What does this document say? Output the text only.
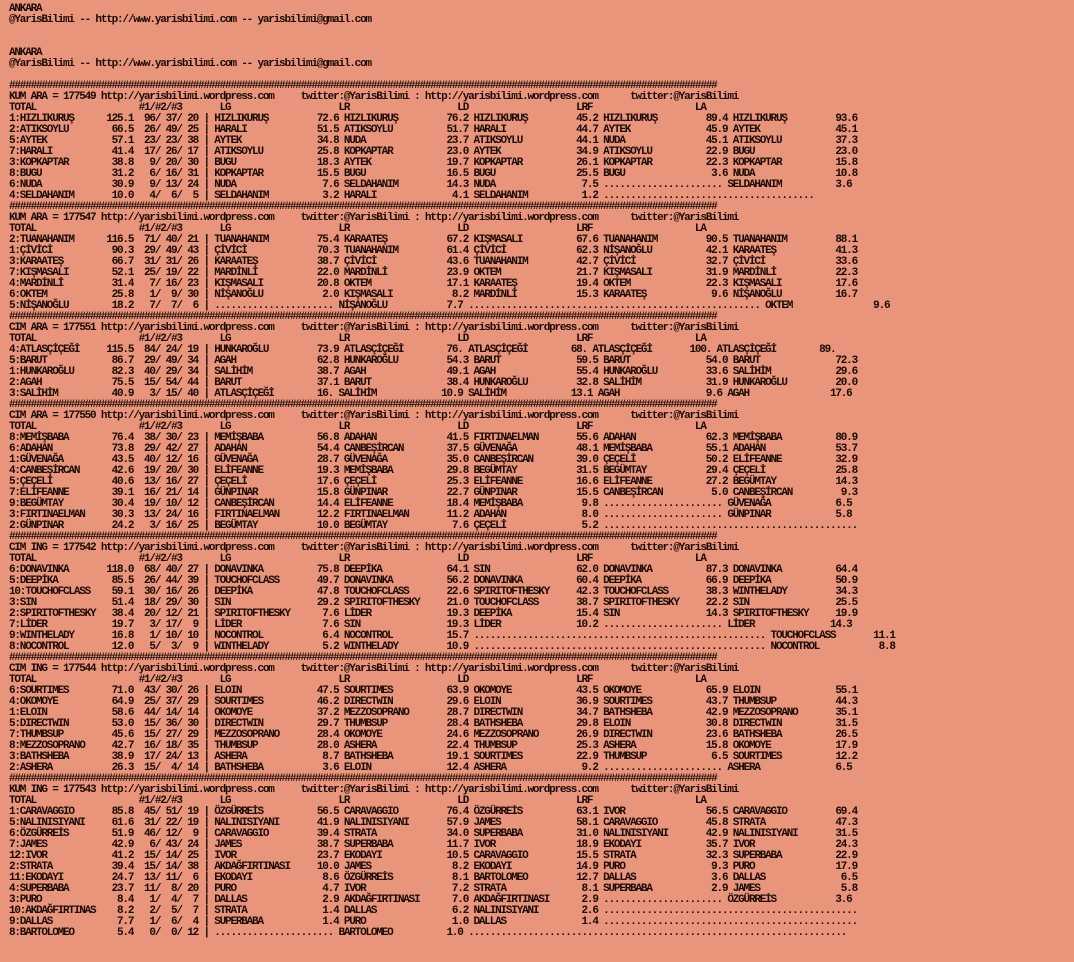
ANKARA
@YarisBilimi -- http://www.yarisbilimi.com -- yarisbilimi@gmail.com

ANKARA
@YarisBilimi -- http://www.yarisbilimi.com -- yarisbilimi@gmail.com

###################################################################################################################################
KUM ARA = 177549 http://yarisbilimi.wordpress.com     twitter:@YarisBilimi : http://yarisbilimi.wordpress.com      twitter:@YarisBilimi
TOTAL                   #1/#2/#3       LG                    LR                    LD                    LRF                   LA
1:HIZLIKURUŞ      125.1  96/ 37/ 20 | HIZLIKURUŞ         72.6 HIZLIKURUŞ         76.2 HIZLIKURUŞ         45.2 HIZLIKURUŞ         89.4 HIZLIKURUŞ         93.6
2:ATIKSOYLU        66.5  26/ 49/ 25 | HARALI             51.5 ATIKSOYLU          51.7 HARALI             44.7 AYTEK              45.9 AYTEK              45.1
5:AYTEK            57.1  23/ 23/ 38 | AYTEK              34.8 NUDA               23.7 ATIKSOYLU          44.1 NUDA               45.1 ATIKSOYLU          37.3
7:HARALI           41.4  17/ 26/ 17 | ATIKSOYLU          25.8 KOPKAPTAR          23.0 AYTEK              34.9 ATIKSOYLU          22.9 BUGU               23.0
3:KOPKAPTAR        38.8   9/ 20/ 30 | BUGU               18.3 AYTEK              19.7 KOPKAPTAR          26.1 KOPKAPTAR          22.3 KOPKAPTAR          15.8
8:BUGU             31.2   6/ 16/ 31 | KOPKAPTAR          15.5 BUGU               16.5 BUGU               25.5 BUGU                3.6 NUDA               10.8
6:NUDA             30.9   9/ 13/ 24 | NUDA                7.6 SELDAHANIM         14.3 NUDA                7.5 ...................... SELDAHANIM          3.6
4:SELDAHANIM       10.0   4/  6/  5 | SELDAHANIM          3.2 HARALI              4.1 SELDAHANIM          1.2 .......................................
###################################################################################################################################
KUM ARA = 177547 http://yarisbilimi.wordpress.com     twitter:@YarisBilimi : http://yarisbilimi.wordpress.com      twitter:@YarisBilimi
TOTAL                   #1/#2/#3       LG                    LR                    LD                    LRF                   LA
2:TUANAHANIM      116.5  71/ 40/ 21 | TUANAHANIM         75.4 KARAATEŞ           67.2 KIŞMASALI          67.6 TUANAHANIM         90.5 TUANAHANIM         88.1
1:ÇİVİCİ           90.3  29/ 49/ 43 | ÇİVİCİ             70.3 TUANAHANIM         61.4 ÇİVİCİ             62.3 NİŞANOĞLU          42.1 KARAATEŞ           41.3
3:KARAATEŞ         66.7  31/ 31/ 26 | KARAATEŞ           38.7 ÇİVİCİ             43.6 TUANAHANIM         42.7 ÇİVİCİ             32.7 ÇİVİCİ             33.6
7:KIŞMASALI        52.1  25/ 19/ 22 | MARDİNLİ           22.0 MARDİNLİ           23.9 OKTEM              21.7 KIŞMASALI          31.9 MARDİNLİ           22.3
4:MARDİNLİ         31.4   7/ 16/ 23 | KIŞMASALI          20.8 OKTEM              17.1 KARAATEŞ           19.4 OKTEM              22.3 KIŞMASALI          17.6
6:OKTEM            25.8   1/  9/ 30 | NİŞANOĞLU           2.0 KIŞMASALI           8.2 MARDİNLİ           15.3 KARAATEŞ            9.6 NİŞANOĞLU          16.7
5:NİŞANOĞLU        18.2   7/  7/  6 | ...................... NİŞANOĞLU           7.7 ...................................................... OKTEM               9.6
###################################################################################################################################
CIM ARA = 177551 http://yarisbilimi.wordpress.com     twitter:@YarisBilimi : http://yarisbilimi.wordpress.com      twitter:@YarisBilimi
TOTAL                   #1/#2/#3       LG                    LR                    LD                    LRF                   LA
4:ATLASÇİÇEĞİ     115.5  84/ 24/ 19 | HUNKAROĞLU         73.9 ATLASÇİÇEĞİ        76. ATLASÇİÇEĞİ        68. ATLASÇİÇEĞİ       100. ATLASÇİÇEĞİ        89.
5:BARUT            86.7  29/ 49/ 34 | AGAH               62.8 HUNKAROĞLU         54.3 BARUT              59.5 BARUT              54.0 BARUT              72.3
1:HUNKAROĞLU       82.3  40/ 29/ 34 | SALİHİM            38.7 AGAH               49.1 AGAH               55.4 HUNKAROĞLU         33.6 SALİHİM            29.6
2:AGAH             75.5  15/ 54/ 44 | BARUT              37.1 BARUT              38.4 HUNKAROĞLU         32.8 SALİHİM            31.9 HUNKAROĞLU         20.0
3:SALİHİM          40.9   3/ 15/ 40 | ATLASÇİÇEĞİ        16. SALİHİM            10.9 SALİHİM            13.1 AGAH                9.6 AGAH               17.6
###################################################################################################################################
CIM ARA = 177550 http://yarisbilimi.wordpress.com     twitter:@YarisBilimi : http://yarisbilimi.wordpress.com      twitter:@YarisBilimi
TOTAL                   #1/#2/#3       LG                    LR                    LD                    LRF                   LA
8:MEMİŞBABA        76.4  38/ 30/ 23 | MEMİŞBABA          56.8 ADAHAN             41.5 FIRTINAELMAN       55.6 ADAHAN             62.3 MEMİŞBABA          80.9
6:ADAHAN           73.8  29/ 42/ 27 | ADAHAN             54.4 CANBEŞİRCAN        37.5 GÜVENAĞA           48.1 MEMİŞBABA          55.1 ADAHAN             53.7
1:GÜVENAĞA         43.5  40/ 12/ 16 | GÜVENAĞA           28.7 GÜVENAĞA           35.0 CANBEŞİRCAN        39.0 ÇEÇELİ             50.2 ELİFEANNE          32.9
4:CANBEŞİRCAN      42.6  19/ 20/ 30 | ELİFEANNE          19.3 MEMİŞBABA          29.8 BEGÜMTAY           31.5 BEGÜMTAY           29.4 ÇEÇELİ             25.8
5:ÇEÇELİ           40.6  13/ 16/ 27 | ÇEÇELİ             17.6 ÇEÇELİ             25.3 ELİFEANNE          16.6 ELİFEANNE          27.2 BEGÜMTAY           14.3
7:ELİFEANNE        39.1  16/ 21/ 14 | GÜNPINAR           15.8 GÜNPINAR           22.7 GÜNPINAR           15.5 CANBEŞİRCAN         5.0 CANBEŞİRCAN         9.3
9:BEGÜMTAY         30.4  19/ 10/ 12 | CANBEŞİRCAN        14.4 ELİFEANNE          18.4 MEMİŞBABA           9.8 ...................... GÜVENAĞA            6.5
3:FIRTINAELMAN     30.3  13/ 24/ 16 | FIRTINAELMAN       12.2 FIRTINAELMAN       11.2 ADAHAN              8.0 ...................... GÜNPINAR            5.8
2:GÜNPINAR         24.2   3/ 16/ 25 | BEGÜMTAY           10.0 BEGÜMTAY            7.6 ÇEÇELİ              5.2 ...............................................
###################################################################################################################################
CIM ING = 177542 http://yarisbilimi.wordpress.com     twitter:@YarisBilimi : http://yarisbilimi.wordpress.com      twitter:@YarisBilimi
TOTAL                   #1/#2/#3       LG                    LR                    LD                    LRF                   LA
6:DONAVINKA       118.0  68/ 40/ 27 | DONAVINKA          75.8 DEEPİKA            64.1 SIN                62.0 DONAVINKA          87.3 DONAVINKA          64.4
5:DEEPİKA          85.5  26/ 44/ 39 | TOUCHOFCLASS       49.7 DONAVINKA          56.2 DONAVINKA          60.4 DEEPİKA            66.9 DEEPİKA            50.9
10:TOUCHOFCLASS    59.1  30/ 16/ 26 | DEEPİKA            47.8 TOUCHOFCLASS       22.6 SPIRITOFTHESKY     42.3 TOUCHOFCLASS       38.3 WINTHELADY         34.3
3:SIN              51.4  18/ 29/ 30 | SIN                29.2 SPIRITOFTHESKY     21.0 TOUCHOFCLASS       38.7 SPIRITOFTHESKY     22.2 SIN                25.5
2:SPIRITOFTHESKY   38.4  20/ 12/ 21 | SPIRITOFTHESKY      7.6 LİDER              19.3 DEEPİKA            15.4 SIN                14.3 SPIRITOFTHESKY     19.9
7:LİDER            19.7   3/ 17/  9 | LİDER               7.6 SIN                19.3 LİDER              10.2 ...................... LİDER              14.3
9:WINTHELADY       16.8   1/ 10/ 10 | NOCONTROL           6.4 NOCONTROL          15.7 ...................................................... TOUCHOFCLASS       11.1
8:NOCONTROL        12.0   5/  3/  9 | WINTHELADY          5.2 WINTHELADY         10.9 ...................................................... NOCONTROL           8.8
###################################################################################################################################
CIM ING = 177544 http://yarisbilimi.wordpress.com     twitter:@YarisBilimi : http://yarisbilimi.wordpress.com      twitter:@YarisBilimi
TOTAL                   #1/#2/#3       LG                    LR                    LD                    LRF                   LA
6:SOURTIMES        71.0  43/ 30/ 26 | ELOIN              47.5 SOURTIMES          63.9 OKOMOYE            43.5 OKOMOYE            65.9 ELOIN              55.1
4:OKOMOYE          64.9  25/ 37/ 29 | SOURTIMES          46.2 DIRECTWIN          29.6 ELOIN              36.9 SOURTIMES          43.7 THUMBSUP           44.3
1:ELOIN            58.6  44/ 14/ 14 | OKOMOYE            37.2 MEZZOSOPRANO       28.7 DIRECTWIN          34.7 BATHSHEBA          42.9 MEZZOSOPRANO       35.1
5:DIRECTWIN        53.0  15/ 36/ 30 | DIRECTWIN          29.7 THUMBSUP           28.4 BATHSHEBA          29.8 ELOIN              30.8 DIRECTWIN          31.5
7:THUMBSUP         45.6  15/ 27/ 29 | MEZZOSOPRANO       28.4 OKOMOYE            24.6 MEZZOSOPRANO       26.9 DIRECTWIN          23.6 BATHSHEBA          26.5
8:MEZZOSOPRANO     42.7  16/ 18/ 35 | THUMBSUP           28.0 ASHERA             22.4 THUMBSUP           25.3 ASHERA             15.8 OKOMOYE            17.9
3:BATHSHEBA        38.9  17/ 24/ 13 | ASHERA              8.7 BATHSHEBA          19.1 SOURTIMES          22.9 THUMBSUP            6.5 SOURTIMES          12.2
2:ASHERA           26.3  15/  4/ 14 | BATHSHEBA           3.6 ELOIN              12.4 ASHERA              9.2 ...................... ASHERA              6.5
###################################################################################################################################
KUM ING = 177543 http://yarisbilimi.wordpress.com     twitter:@YarisBilimi : http://yarisbilimi.wordpress.com      twitter:@YarisBilimi
TOTAL                   #1/#2/#3       LG                    LR                    LD                    LRF                   LA
1:CARAVAGGIO       85.8  45/ 51/ 19 | ÖZGÜRREİS          56.5 CARAVAGGIO         76.4 ÖZGÜRREİS          63.1 IVOR               56.5 CARAVAGGIO         69.4
5:NALINISIYANI     61.6  31/ 22/ 19 | NALINISIYANI       41.9 NALINISIYANI       57.9 JAMES              58.1 CARAVAGGIO         45.8 STRATA             47.3
6:ÖZGÜRREİS        51.9  46/ 12/  9 | CARAVAGGIO         39.4 STRATA             34.0 SUPERBABA          31.0 NALINISIYANI       42.9 NALINISIYANI       31.5
7:JAMES            42.9   6/ 43/ 24 | JAMES              38.7 SUPERBABA          11.7 IVOR               18.9 EKODAYI            35.7 IVOR               24.3
12:IVOR            41.2  15/ 14/ 25 | IVOR               23.7 EKODAYI            10.5 CARAVAGGIO         15.5 STRATA             32.3 SUPERBABA          22.9
2:STRATA           39.4  15/ 14/ 38 | AKDAĞFIRTINASI     10.0 JAMES               8.2 EKODAYI            14.9 PURO                9.3 PURO               17.9
11:EKODAYI         24.7  13/ 11/  6 | EKODAYI             8.6 ÖZGÜRREİS           8.1 BARTOLOMEO         12.7 DALLAS              3.6 DALLAS              6.5
4:SUPERBABA        23.7  11/  8/ 20 | PURO                4.7 IVOR                7.2 STRATA              8.1 SUPERBABA           2.9 JAMES               5.8
3:PURO              8.4   1/  4/  7 | DALLAS              2.9 AKDAĞFIRTINASI      7.0 AKDAĞFIRTINASI      2.9 ...................... ÖZGÜRREİS           3.6
10:AKDAĞFIRTINAS    8.2   2/  5/  7 | STRATA              1.4 DALLAS              6.2 NALINISIYANI        2.6 ...............................................
9:DALLAS            7.7   1/  6/  4 | SUPERBABA           1.4 PURO                1.0 DALLAS              1.4 ...............................................
8:BARTOLOMEO        5.4   0/  0/ 12 | ...................... BARTOLOMEO          1.0 ......................................................................
